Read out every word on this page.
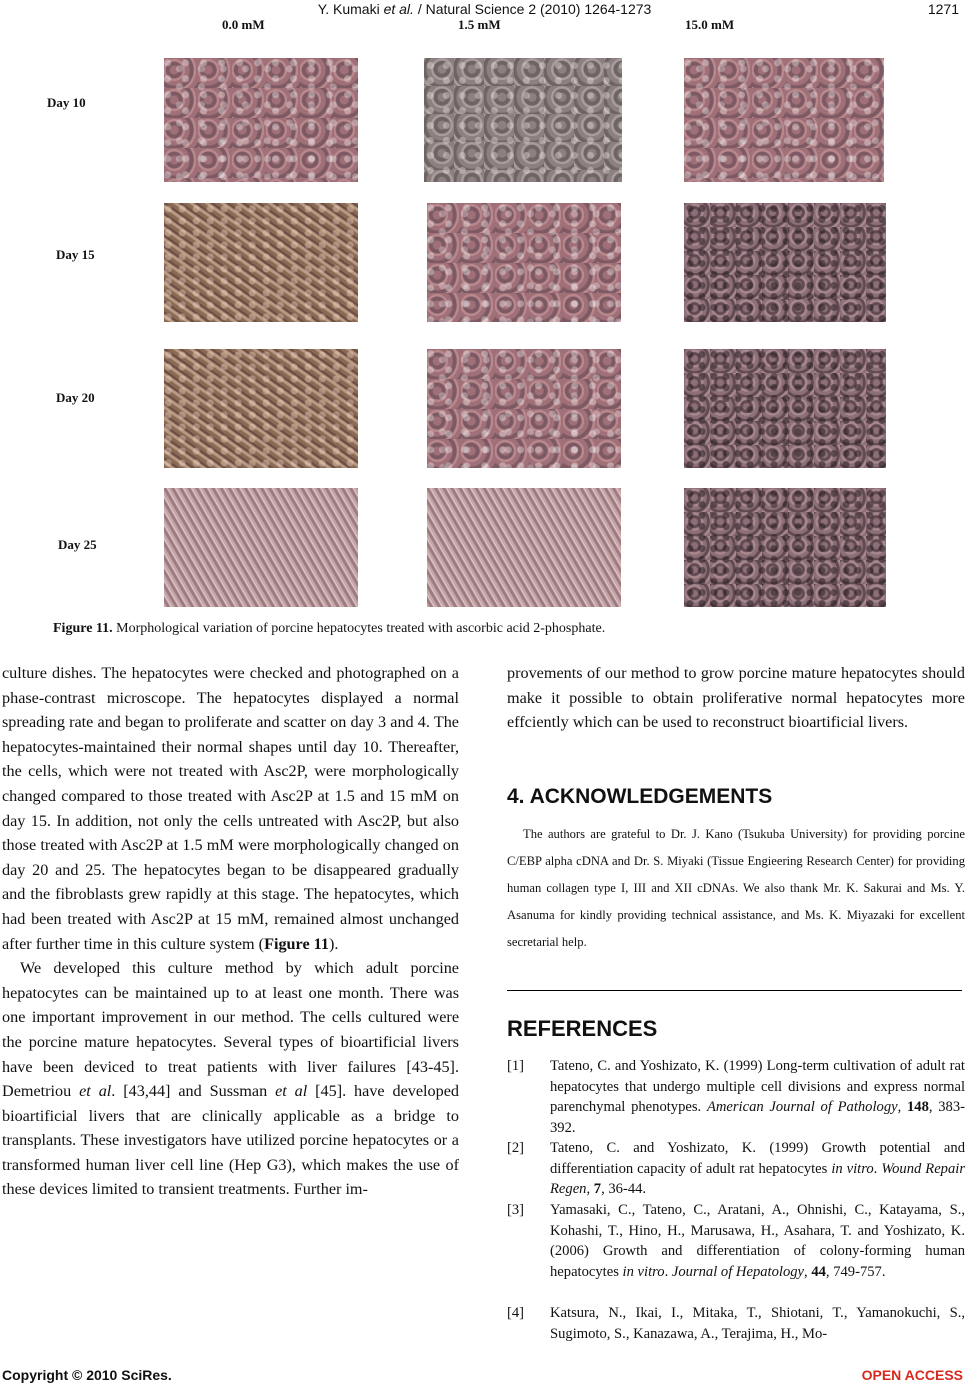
Y. Kumaki et al. / Natural Science 2 (2010) 1264-1273	1271
0.0 mM	1.5 mM	15.0 mM
Day 10
Day 15
Day 20
Day 25
Figure 11. Morphological variation of porcine hepatocytes treated with ascorbic acid 2-phosphate.

culture dishes. The hepatocytes were checked and photographed on a phase-contrast microscope. The hepatocytes displayed a normal spreading rate and began to proliferate and scatter on day 3 and 4. The hepatocytes-maintained their normal shapes until day 10. Thereafter, the cells, which were not treated with Asc2P, were morphologically changed compared to those treated with Asc2P at 1.5 and 15 mM on day 15. In addition, not only the cells untreated with Asc2P, but also those treated with Asc2P at 1.5 mM were morphologically changed on day 20 and 25. The hepatocytes began to be disappeared gradually and the fibroblasts grew rapidly at this stage. The hepatocytes, which had been treated with Asc2P at 15 mM, remained almost unchanged after further time in this culture system (Figure 11).

We developed this culture method by which adult porcine hepatocytes can be maintained up to at least one month. There was one important improvement in our method. The cells cultured were the porcine mature hepatocytes. Several types of bioartificial livers have been deviced to treat patients with liver failures [43-45]. Demetriou et al. [43,44] and Sussman et al [45]. have developed bioartificial livers that are clinically applicable as a bridge to transplants. These investigators have utilized porcine hepatocytes or a transformed human liver cell line (Hep G3), which makes the use of these devices limited to transient treatments. Further im-

provements of our method to grow porcine mature hepatocytes should make it possible to obtain proliferative normal hepatocytes more effciently which can be used to reconstruct bioartificial livers.
4. ACKNOWLEDGEMENTS
The authors are grateful to Dr. J. Kano (Tsukuba University) for providing porcine C/EBP alpha cDNA and Dr. S. Miyaki (Tissue Engieering Research Center) for providing human collagen type I, III and XII cDNAs. We also thank Mr. K. Sakurai and Ms. Y. Asanuma for kindly providing technical assistance, and Ms. K. Miyazaki for excellent secretarial help.
REFERENCES
[1] Tateno, C. and Yoshizato, K. (1999) Long-term cultivation of adult rat hepatocytes that undergo multiple cell divisions and express normal parenchymal phenotypes. American Journal of Pathology, 148, 383-392.
[2] Tateno, C. and Yoshizato, K. (1999) Growth potential and differentiation capacity of adult rat hepatocytes in vitro. Wound Repair Regen, 7, 36-44.
[3] Yamasaki, C., Tateno, C., Aratani, A., Ohnishi, C., Katayama, S., Kohashi, T., Hino, H., Marusawa, H., Asahara, T. and Yoshizato, K. (2006) Growth and differentiation of colony-forming human hepatocytes in vitro. Journal of Hepatology, 44, 749-757.
[4] Katsura, N., Ikai, I., Mitaka, T., Shiotani, T., Yamanokuchi, S., Sugimoto, S., Kanazawa, A., Terajima, H., Mo-
Copyright © 2010 SciRes.	OPEN ACCESS
